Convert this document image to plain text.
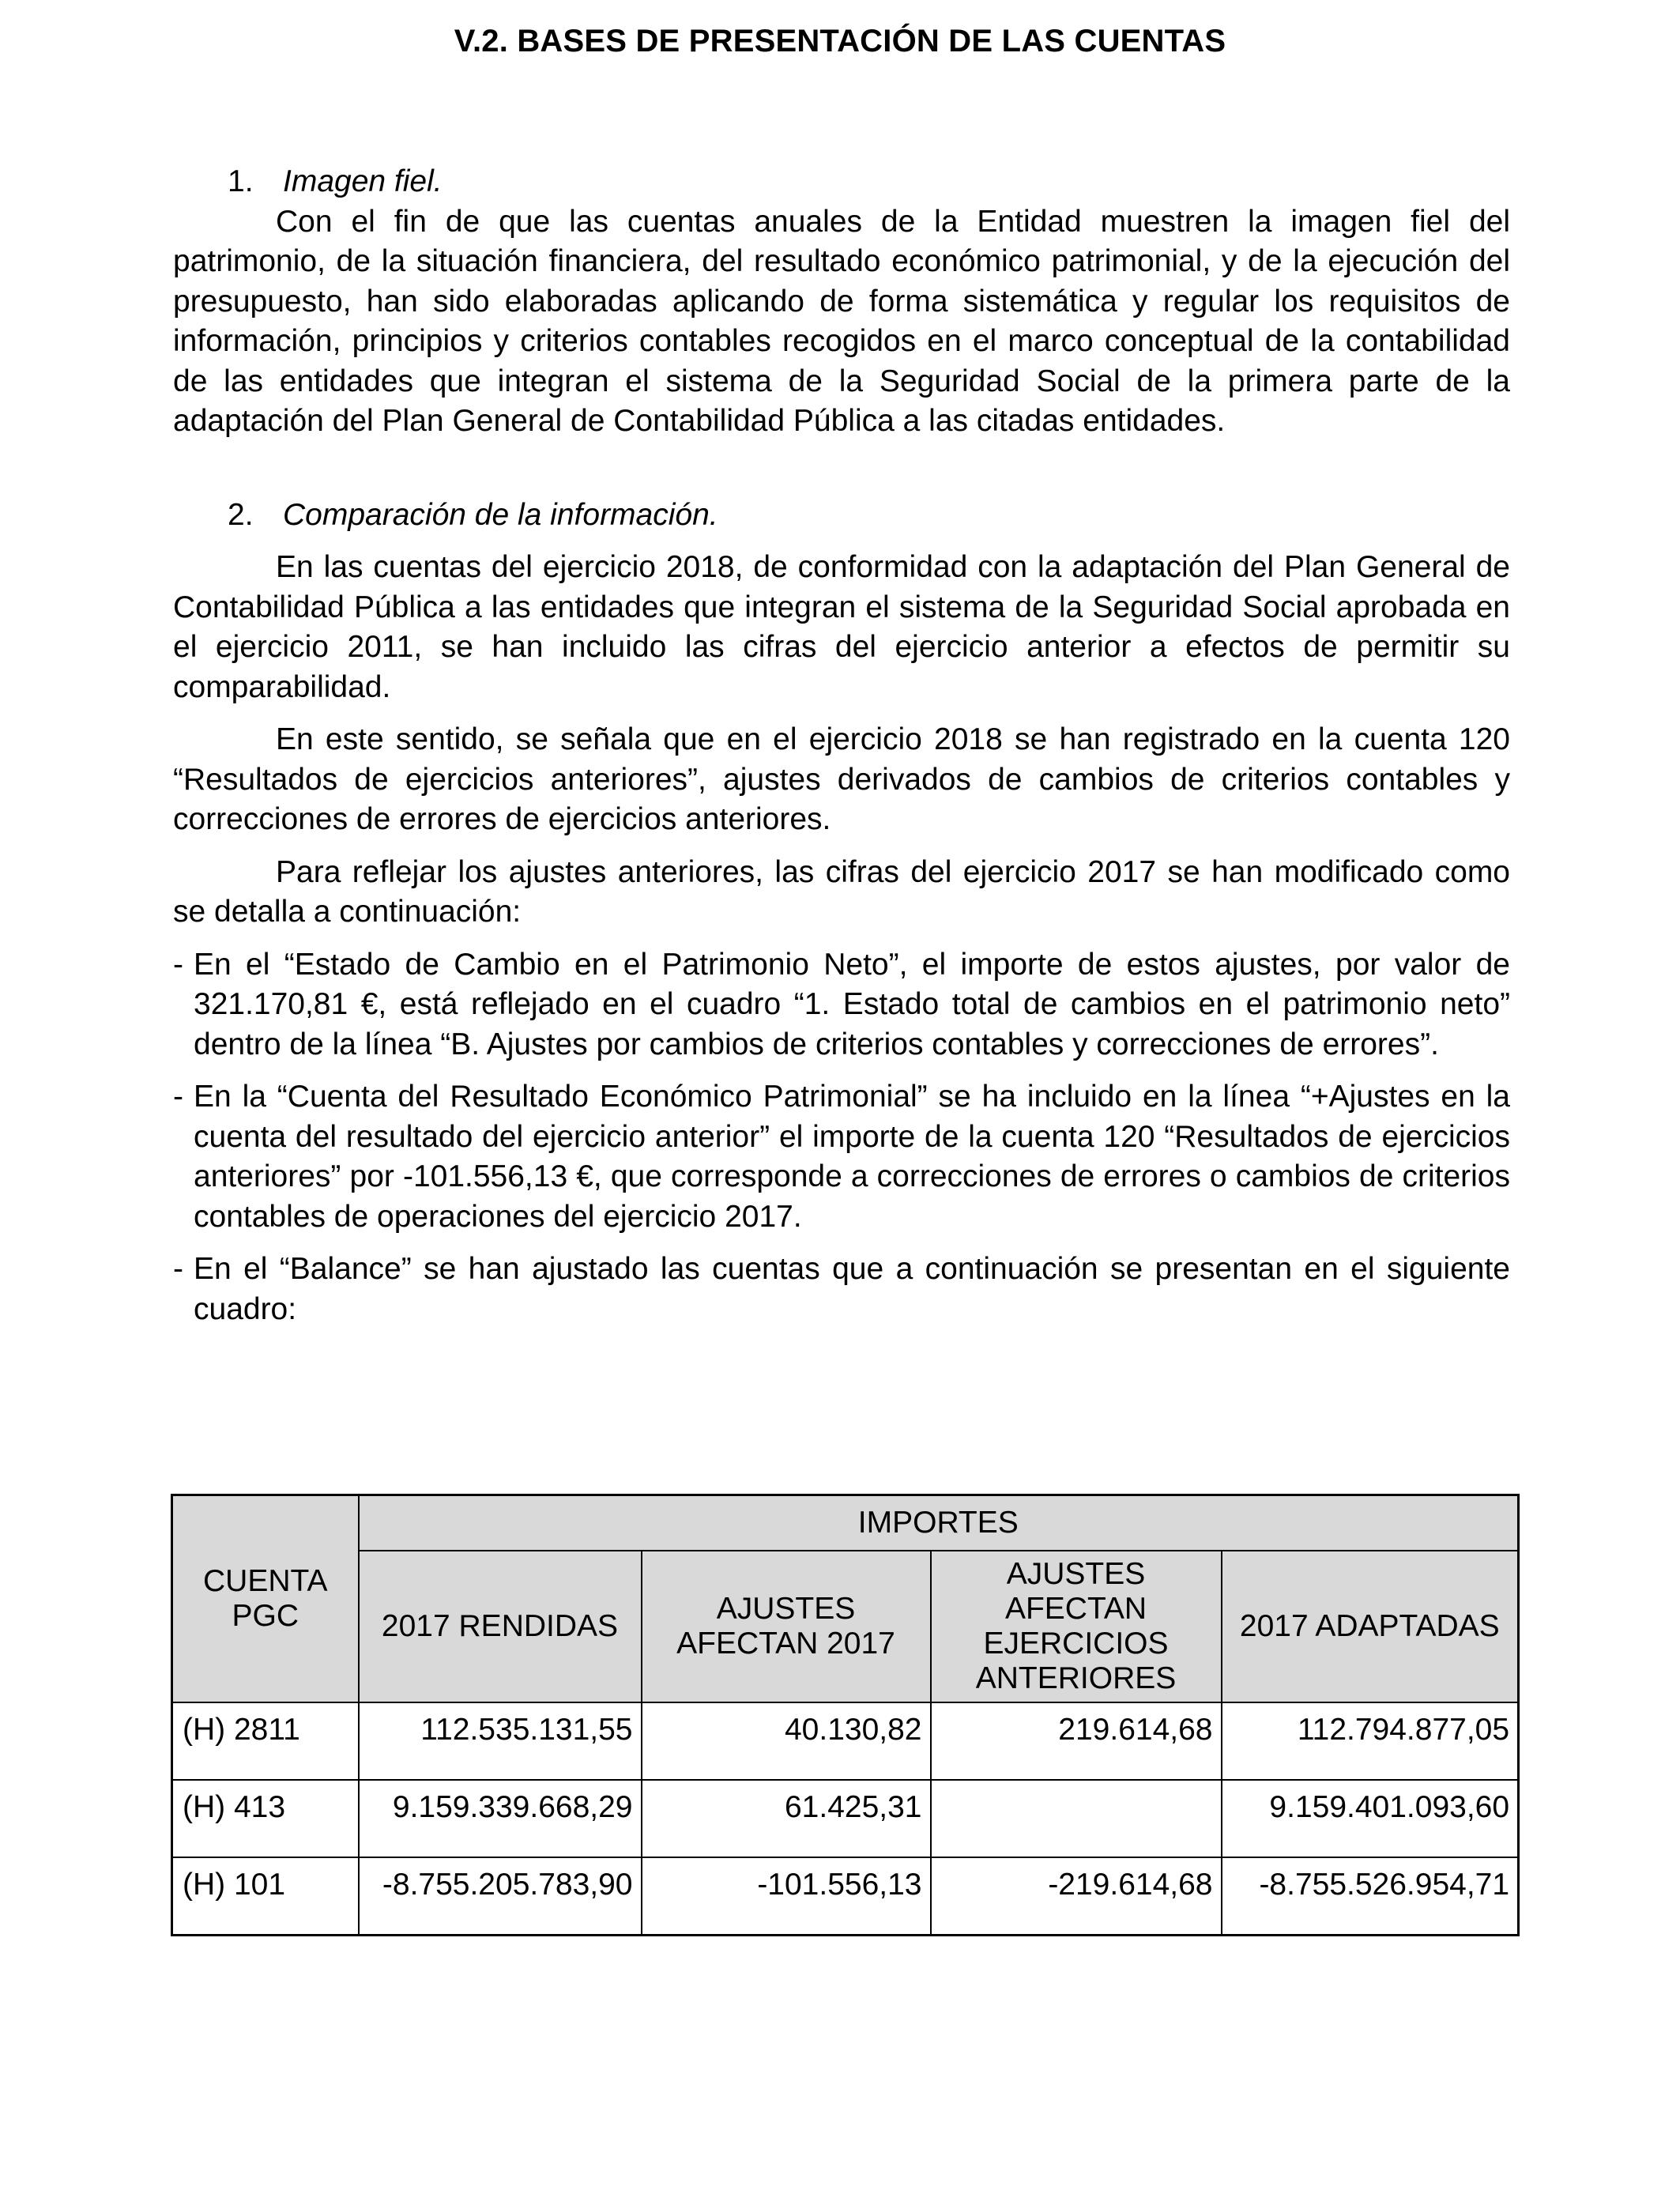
V.2. BASES DE PRESENTACIÓN DE LAS CUENTAS
1. Imagen fiel.

Con el fin de que las cuentas anuales de la Entidad muestren la imagen fiel del patrimonio, de la situación financiera, del resultado económico patrimonial, y de la ejecución del presupuesto, han sido elaboradas aplicando de forma sistemática y regular los requisitos de información, principios y criterios contables recogidos en el marco conceptual de la contabilidad de las entidades que integran el sistema de la Seguridad Social de la primera parte de la adaptación del Plan General de Contabilidad Pública a las citadas entidades.

2. Comparación de la información.

En las cuentas del ejercicio 2018, de conformidad con la adaptación del Plan General de Contabilidad Pública a las entidades que integran el sistema de la Seguridad Social aprobada en el ejercicio 2011, se han incluido las cifras del ejercicio anterior a efectos de permitir su comparabilidad.

En este sentido, se señala que en el ejercicio 2018 se han registrado en la cuenta 120 “Resultados de ejercicios anteriores”, ajustes derivados de cambios de criterios contables y correcciones de errores de ejercicios anteriores.

Para reflejar los ajustes anteriores, las cifras del ejercicio 2017 se han modificado como se detalla a continuación:

- En el “Estado de Cambio en el Patrimonio Neto”, el importe de estos ajustes, por valor de 321.170,81 €, está reflejado en el cuadro “1. Estado total de cambios en el patrimonio neto” dentro de la línea “B. Ajustes por cambios de criterios contables y correcciones de errores”.
- En la “Cuenta del Resultado Económico Patrimonial” se ha incluido en la línea “+Ajustes en la cuenta del resultado del ejercicio anterior” el importe de la cuenta 120 “Resultados de ejercicios anteriores” por -101.556,13 €, que corresponde a correcciones de errores o cambios de criterios contables de operaciones del ejercicio 2017.
- En el “Balance” se han ajustado las cuentas que a continuación se presentan en el siguiente cuadro:
CUENTA PGC	IMPORTES			
	2017 RENDIDAS	AJUSTES AFECTAN 2017	AJUSTES AFECTAN EJERCICIOS ANTERIORES	2017 ADAPTADAS
(H) 2811	112.535.131,55	40.130,82	219.614,68	112.794.877,05
(H) 413	9.159.339.668,29	61.425,31		9.159.401.093,60
(H) 101	-8.755.205.783,90	-101.556,13	-219.614,68	-8.755.526.954,71
